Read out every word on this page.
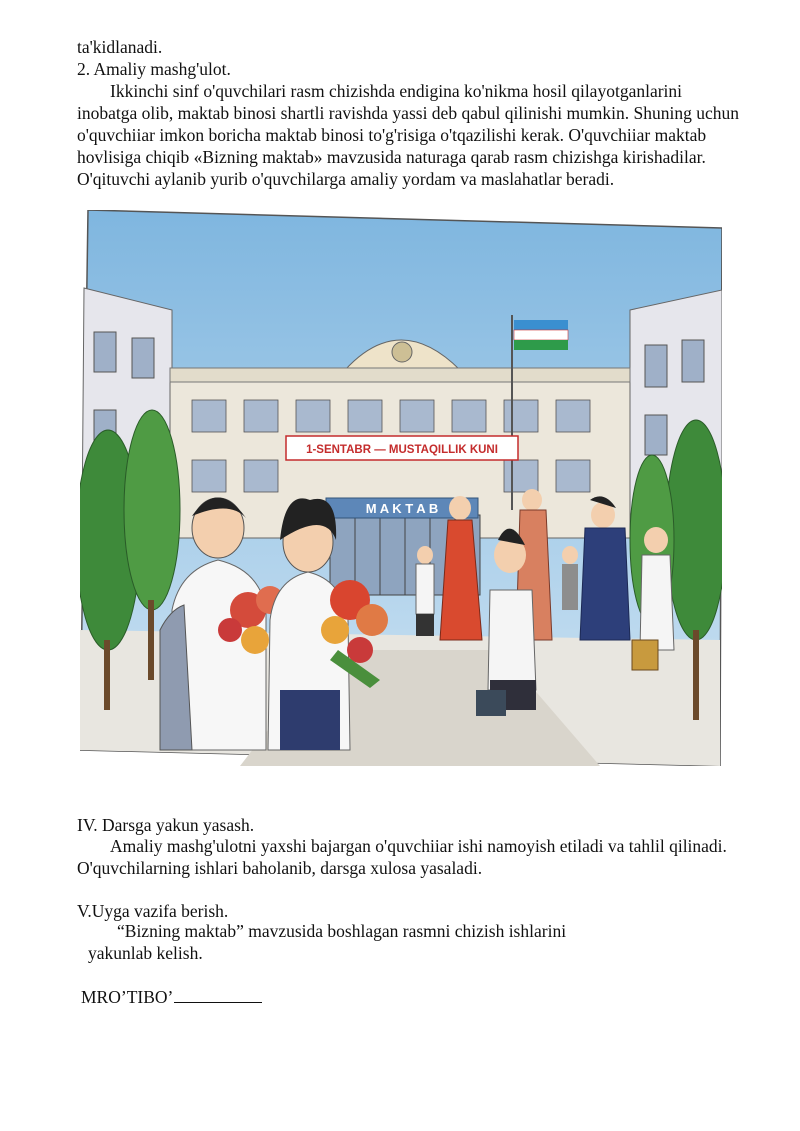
ta'kidlanadi.
2. Amaliy mashg'ulot.
Ikkinchi sinf o'quvchilari rasm chizishda endigina ko'nikma hosil qilayotganlarini inobatga olib, maktab binosi shartli ravishda yassi deb qabul qilinishi mumkin. Shuning uchun o'quvchiiar imkon boricha maktab binosi to'g'risiga o'tqazilishi kerak. O'quvchiiar maktab hovlisiga chiqib «Bizning maktab» mavzusida naturaga qarab rasm chizishga kirishadilar. O'qituvchi aylanib yurib o'quvchilarga amaliy yordam va maslahatlar beradi.
1-SENTABR — MUSTAQILLIK KUNI
M A K T A B
IV. Darsga yakun yasash.
Amaliy mashg'ulotni yaxshi bajargan o'quvchiiar ishi namoyish etiladi va tahlil qilinadi. O'quvchilarning ishlari baholanib, darsga xulosa yasaladi.
V.Uyga vazifa berish.
“Bizning maktab” mavzusida boshlagan rasmni chizish ishlarini
yakunlab kelish.
MRO’TIBO’
